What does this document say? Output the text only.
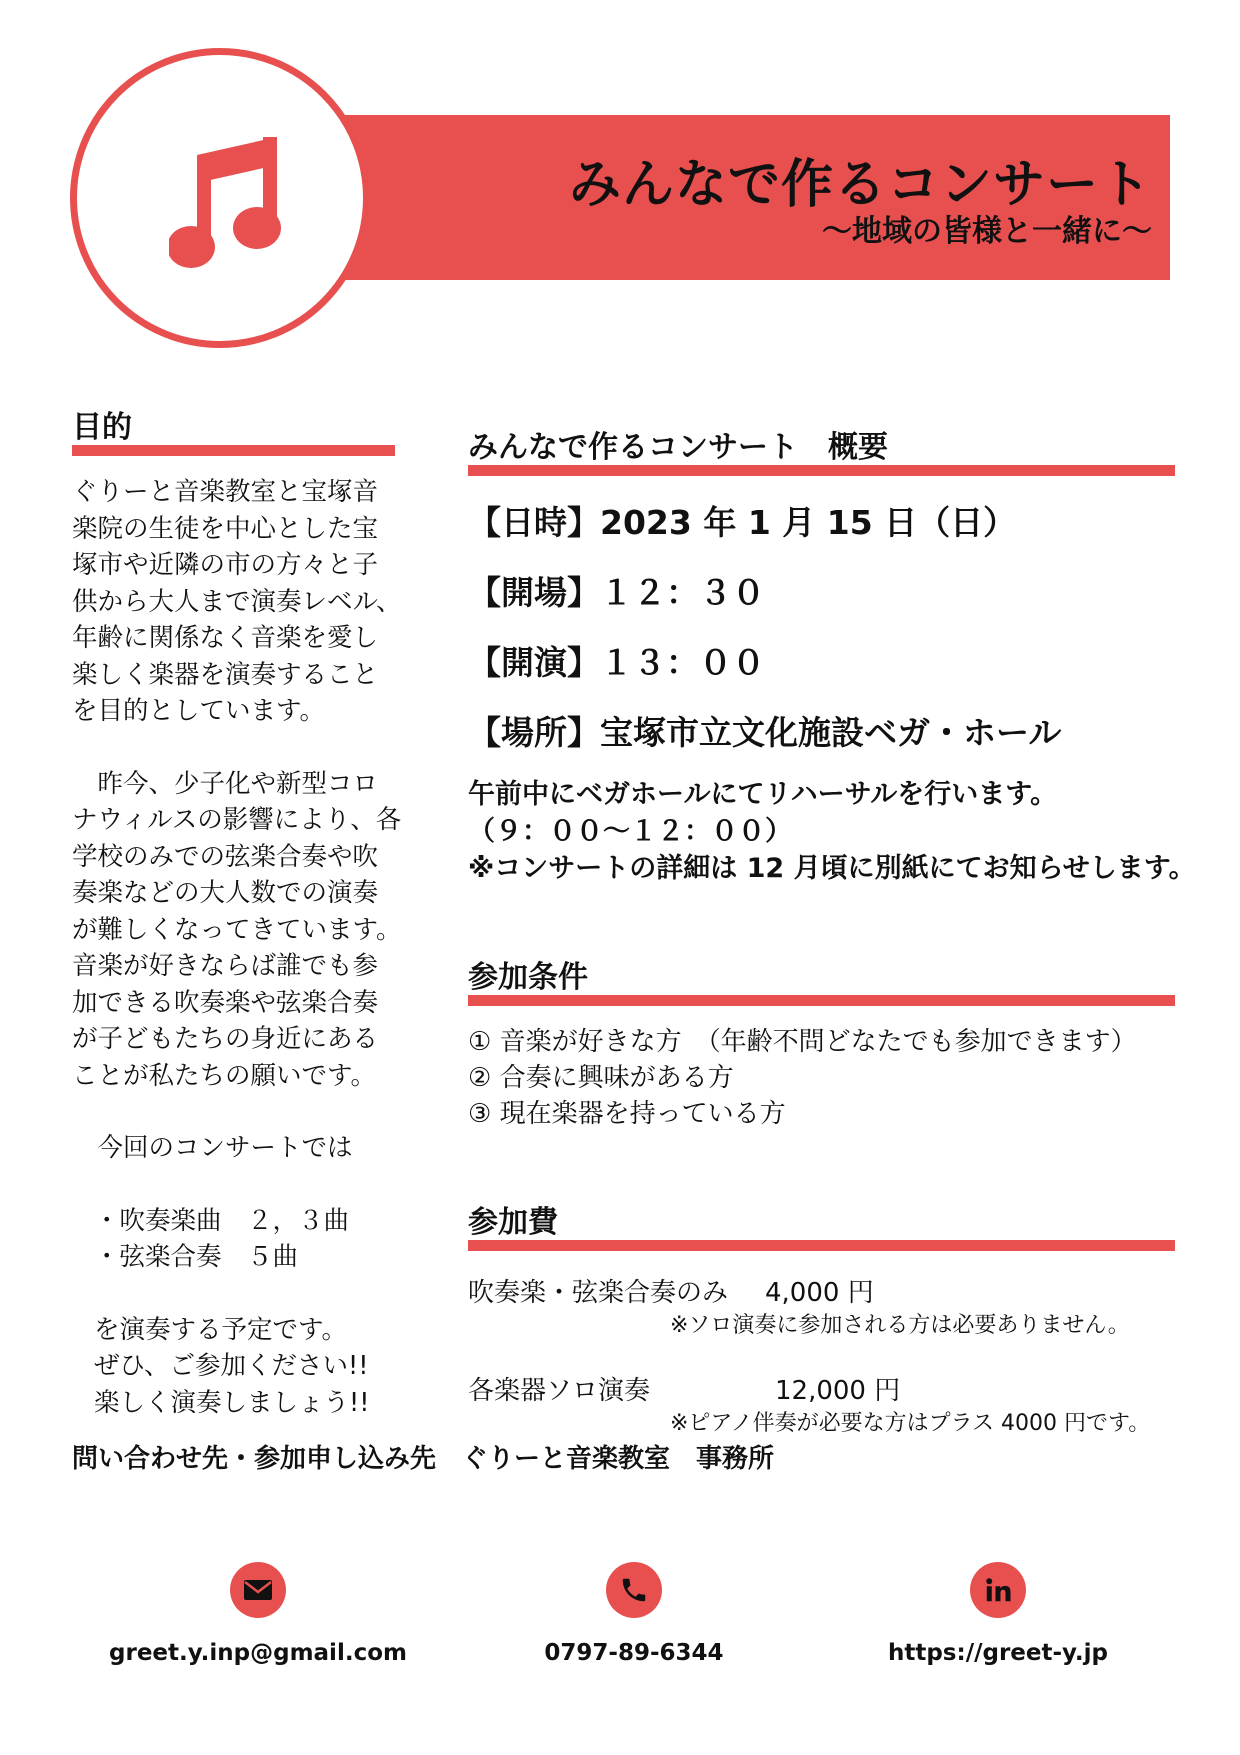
みんなで作るコンサート
～地域の皆様と一緒に～
目的

ぐりーと音楽教室と宝塚音楽院の生徒を中心とした宝塚市や近隣の市の方々と子供から大人まで演奏レベル、年齢に関係なく音楽を愛し楽しく楽器を演奏することを目的としています。

　昨今、少子化や新型コロナウィルスの影響により、各学校のみでの弦楽合奏や吹奏楽などの大人数での演奏が難しくなってきています。音楽が好きならば誰でも参加できる吹奏楽や弦楽合奏が子どもたちの身近にあることが私たちの願いです。

　今回のコンサートでは

・吹奏楽曲　２，３曲
・弦楽合奏　５曲

を演奏する予定です。
ぜひ、ご参加ください!!
楽しく演奏しましょう!!

みんなで作るコンサート　概要
【日時】2023 年 1 月 15 日（日）
【開場】１２：３０
【開演】１３：００
【場所】宝塚市立文化施設ベガ・ホール
午前中にベガホールにてリハーサルを行います。
（９：００～１２：００）
※コンサートの詳細は 12 月頃に別紙にてお知らせします。
参加条件
① 音楽が好きな方　（年齢不問どなたでも参加できます）
② 合奏に興味がある方
③ 現在楽器を持っている方
参加費
吹奏楽・弦楽合奏のみ 4,000 円
※ソロ演奏に参加される方は必要ありません。
各楽器ソロ演奏	12,000 円
※ピアノ伴奏が必要な方はプラス 4000 円です。
問い合わせ先・参加申し込み先　ぐりーと音楽教室　事務所
greet.y.inp@gmail.com	0797-89-6344	https://greet-y.jp
